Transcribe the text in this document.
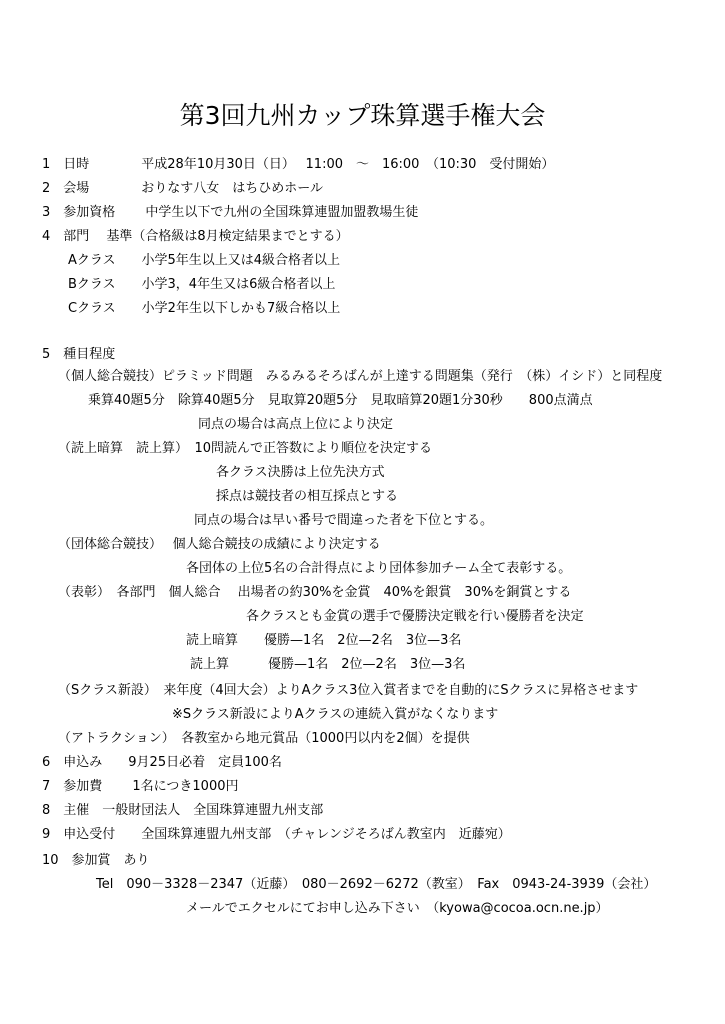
第3回九州カップ珠算選手権大会
1　日時　　　　平成28年10月30日（日）　 11:00　～　16:00　（10:30　受付開始）
2　会場　　　　おりなす八女　はちひめホール
3　参加資格　　 中学生以下で九州の全国珠算連盟加盟教場生徒
4　部門　 基準（合格級は8月検定結果までとする）
Aクラス　　小学5年生以上又は4級合格者以上
Bクラス　　小学3，4年生又は6級合格者以上
Cクラス　　小学2年生以下しかも7級合格以上
5　種目程度
（個人総合競技）ピラミッド問題　みるみるそろばんが上達する問題集（発行　（株）イシド）と同程度
乗算40題5分　除算40題5分　見取算20題5分　見取暗算20題1分30秒　　800点満点
同点の場合は高点上位により決定
（読上暗算　読上算）　10問読んで正答数により順位を決定する
各クラス決勝は上位先決方式
採点は競技者の相互採点とする
同点の場合は早い番号で間違った者を下位とする。
（団体総合競技）　 個人総合競技の成績により決定する
各団体の上位5名の合計得点により団体参加チーム全て表彰する。
（表彰）　各部門　個人総合　 出場者の約30%を金賞　40%を銀賞　30%を銅賞とする
各クラスとも金賞の選手で優勝決定戦を行い優勝者を決定
読上暗算　　優勝—1名　2位—2名　3位—3名
読上算　　　優勝—1名　2位—2名　3位—3名
（Sクラス新設）　来年度（4回大会）よりAクラス3位入賞者までを自動的にSクラスに昇格させます
※Sクラス新設によりAクラスの連続入賞がなくなります
（アトラクション）　各教室から地元賞品（1000円以内を2個）を提供
6　申込み　　9月25日必着　定員100名
7　参加費　　 1名につき1000円
8　主催　一般財団法人　全国珠算連盟九州支部
9　申込受付　　全国珠算連盟九州支部　（チャレンジそろばん教室内　近藤宛）
10　参加賞　あり
Tel　090－3328－2347（近藤）　080－2692－6272（教室）　Fax　0943-24-3939（会社）
メールでエクセルにてお申し込み下さい　（kyowa@cocoa.ocn.ne.jp）
